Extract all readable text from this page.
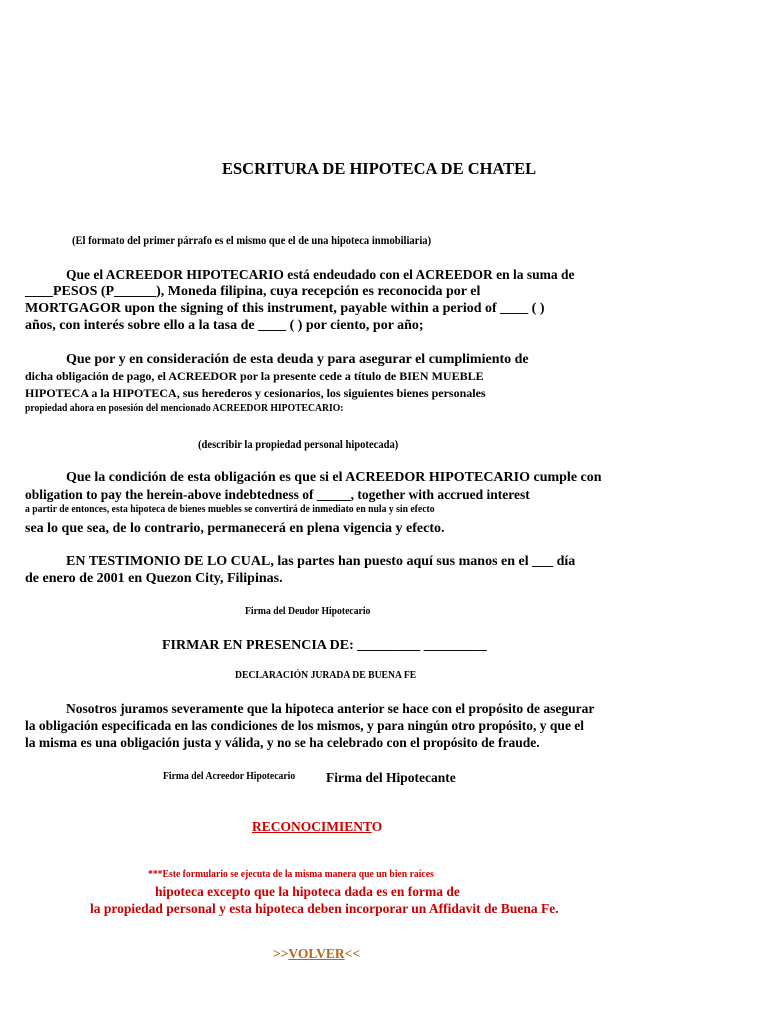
ESCRITURA DE HIPOTECA DE CHATEL
(El formato del primer párrafo es el mismo que el de una hipoteca inmobiliaria)
Que el ACREEDOR HIPOTECARIO está endeudado con el ACREEDOR en la suma de
____PESOS (P______), Moneda filipina, cuya recepción es reconocida por el
MORTGAGOR upon the signing of this instrument, payable within a period of ____ ( )
años, con interés sobre ello a la tasa de ____ ( ) por ciento, por año;
Que por y en consideración de esta deuda y para asegurar el cumplimiento de
dicha obligación de pago, el ACREEDOR por la presente cede a título de BIEN MUEBLE
HIPOTECA a la HIPOTECA, sus herederos y cesionarios, los siguientes bienes personales
propiedad ahora en posesión del mencionado ACREEDOR HIPOTECARIO:
(describir la propiedad personal hipotecada)
Que la condición de esta obligación es que si el ACREEDOR HIPOTECARIO cumple con
obligation to pay the herein-above indebtedness of _____, together with accrued interest
a partir de entonces, esta hipoteca de bienes muebles se convertirá de inmediato en nula y sin efecto
sea lo que sea, de lo contrario, permanecerá en plena vigencia y efecto.
EN TESTIMONIO DE LO CUAL, las partes han puesto aquí sus manos en el ___ día
de enero de 2001 en Quezon City, Filipinas.
Firma del Deudor Hipotecario
FIRMAR EN PRESENCIA DE: _________ _________
DECLARACIÓN JURADA DE BUENA FE
Nosotros juramos severamente que la hipoteca anterior se hace con el propósito de asegurar
la obligación especificada en las condiciones de los mismos, y para ningún otro propósito, y que el
la misma es una obligación justa y válida, y no se ha celebrado con el propósito de fraude.
Firma del Acreedor Hipotecario Firma del Hipotecante
RECONOCIMIENTO
***Este formulario se ejecuta de la misma manera que un bien raíces
hipoteca excepto que la hipoteca dada es en forma de
la propiedad personal y esta hipoteca deben incorporar un Affidavit de Buena Fe.
>>VOLVER<<
